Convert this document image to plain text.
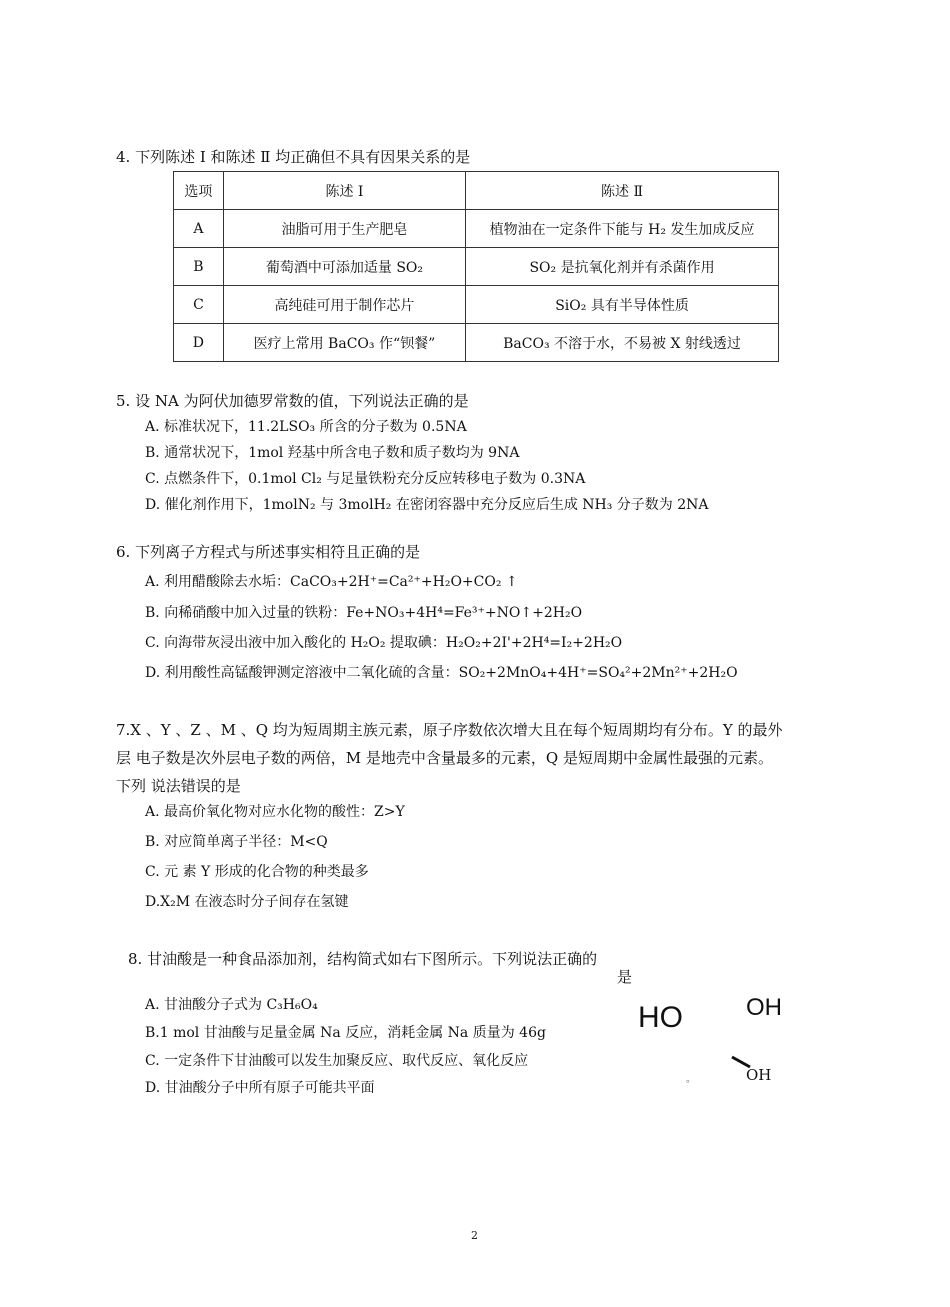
4. 下列陈述 I 和陈述 Ⅱ 均正确但不具有因果关系的是
选项	陈述 I	陈述 Ⅱ
A	油脂可用于生产肥皂	植物油在一定条件下能与 H₂ 发生加成反应
B	葡萄酒中可添加适量 SO₂	SO₂ 是抗氧化剂并有杀菌作用
C	高纯硅可用于制作芯片	SiO₂ 具有半导体性质
D	医疗上常用 BaCO₃ 作“钡餐”	BaCO₃ 不溶于水，不易被 X 射线透过
5. 设 NA 为阿伏加德罗常数的值，下列说法正确的是
A. 标准状况下，11.2LSO₃ 所含的分子数为 0.5NA
B. 通常状况下，1mol 羟基中所含电子数和质子数均为 9NA
C. 点燃条件下，0.1mol Cl₂ 与足量铁粉充分反应转移电子数为 0.3NA
D. 催化剂作用下，1molN₂ 与 3molH₂ 在密闭容器中充分反应后生成 NH₃ 分子数为 2NA
6. 下列离子方程式与所述事实相符且正确的是
A. 利用醋酸除去水垢：CaCO₃+2H⁺=Ca²⁺+H₂O+CO₂ ↑
B. 向稀硝酸中加入过量的铁粉：Fe+NO₃+4H⁴=Fe³⁺+NO↑+2H₂O
C. 向海带灰浸出液中加入酸化的 H₂O₂ 提取碘：H₂O₂+2I'+2H⁴=I₂+2H₂O
D. 利用酸性高锰酸钾测定溶液中二氧化硫的含量：SO₂+2MnO₄+4H⁺=SO₄²+2Mn²⁺+2H₂O
7.X 、Y 、Z 、M 、Q 均为短周期主族元素，原子序数依次增大且在每个短周期均有分布。Y 的最外
层 电子数是次外层电子数的两倍，M 是地壳中含量最多的元素，Q 是短周期中金属性最强的元素。
下列 说法错误的是
A. 最高价氧化物对应水化物的酸性：Z>Y
B. 对应简单离子半径：M<Q
C. 元 素 Y 形成的化合物的种类最多
D.X₂M 在液态时分子间存在氢键
8. 甘油酸是一种食品添加剂，结构简式如右下图所示。下列说法正确的
是
A. 甘油酸分子式为 C₃H₆O₄
B.1 mol 甘油酸与足量金属 Na 反应，消耗金属 Na 质量为 46g
C. 一定条件下甘油酸可以发生加聚反应、取代反应、氧化反应
D. 甘油酸分子中所有原子可能共平面
HO	OH
OH
。
2
